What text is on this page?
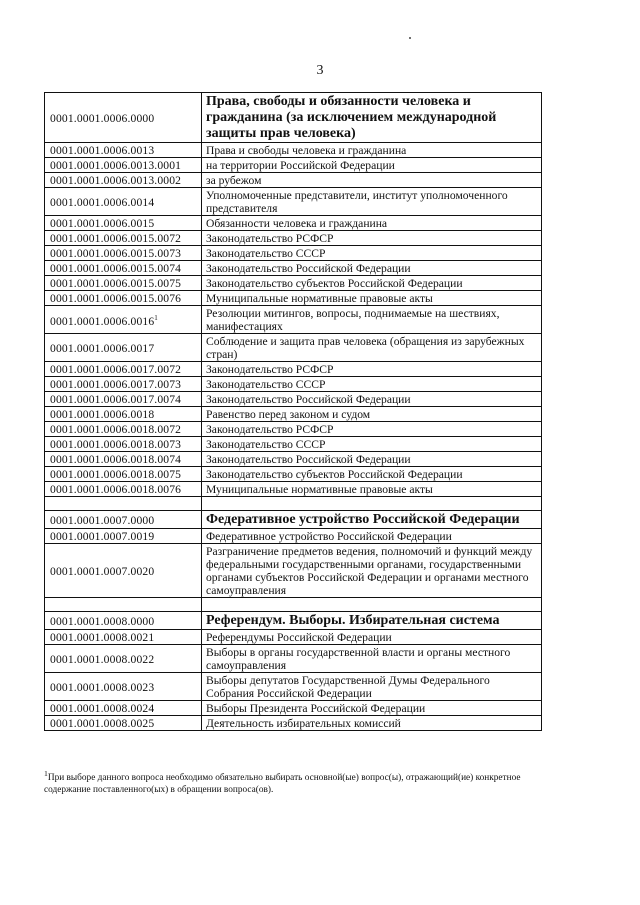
3
0001.0001.0006.0000	Права, свободы и обязанности человека и гражданина (за исключением международной защиты прав человека)
0001.0001.0006.0013	Права и свободы человека и гражданина
0001.0001.0006.0013.0001	на территории Российской Федерации
0001.0001.0006.0013.0002	за рубежом
0001.0001.0006.0014	Уполномоченные представители, институт уполномоченного представителя
0001.0001.0006.0015	Обязанности человека и гражданина
0001.0001.0006.0015.0072	Законодательство РСФСР
0001.0001.0006.0015.0073	Законодательство СССР
0001.0001.0006.0015.0074	Законодательство Российской Федерации
0001.0001.0006.0015.0075	Законодательство субъектов Российской Федерации
0001.0001.0006.0015.0076	Муниципальные нормативные правовые акты
0001.0001.0006.0016$^1$	Резолюции митингов, вопросы, поднимаемые на шествиях, манифестациях
0001.0001.0006.0017	Соблюдение и защита прав человека (обращения из зарубежных стран)
0001.0001.0006.0017.0072	Законодательство РСФСР
0001.0001.0006.0017.0073	Законодательство СССР
0001.0001.0006.0017.0074	Законодательство Российской Федерации
0001.0001.0006.0018	Равенство перед законом и судом
0001.0001.0006.0018.0072	Законодательство РСФСР
0001.0001.0006.0018.0073	Законодательство СССР
0001.0001.0006.0018.0074	Законодательство Российской Федерации
0001.0001.0006.0018.0075	Законодательство субъектов Российской Федерации
0001.0001.0006.0018.0076	Муниципальные нормативные правовые акты

0001.0001.0007.0000	Федеративное устройство Российской Федерации
0001.0001.0007.0019	Федеративное устройство Российской Федерации
0001.0001.0007.0020	Разграничение предметов ведения, полномочий и функций между федеральными государственными органами, государственными органами субъектов Российской Федерации и органами местного самоуправления

0001.0001.0008.0000	Референдум. Выборы. Избирательная система
0001.0001.0008.0021	Референдумы Российской Федерации
0001.0001.0008.0022	Выборы в органы государственной власти и органы местного самоуправления
0001.0001.0008.0023	Выборы депутатов Государственной Думы Федерального Собрания Российской Федерации
0001.0001.0008.0024	Выборы Президента Российской Федерации
0001.0001.0008.0025	Деятельность избирательных комиссий
$^1$При выборе данного вопроса необходимо обязательно выбирать основной(ые) вопрос(ы), отражающий(ие) конкретное содержание поставленного(ых) в обращении вопроса(ов).
